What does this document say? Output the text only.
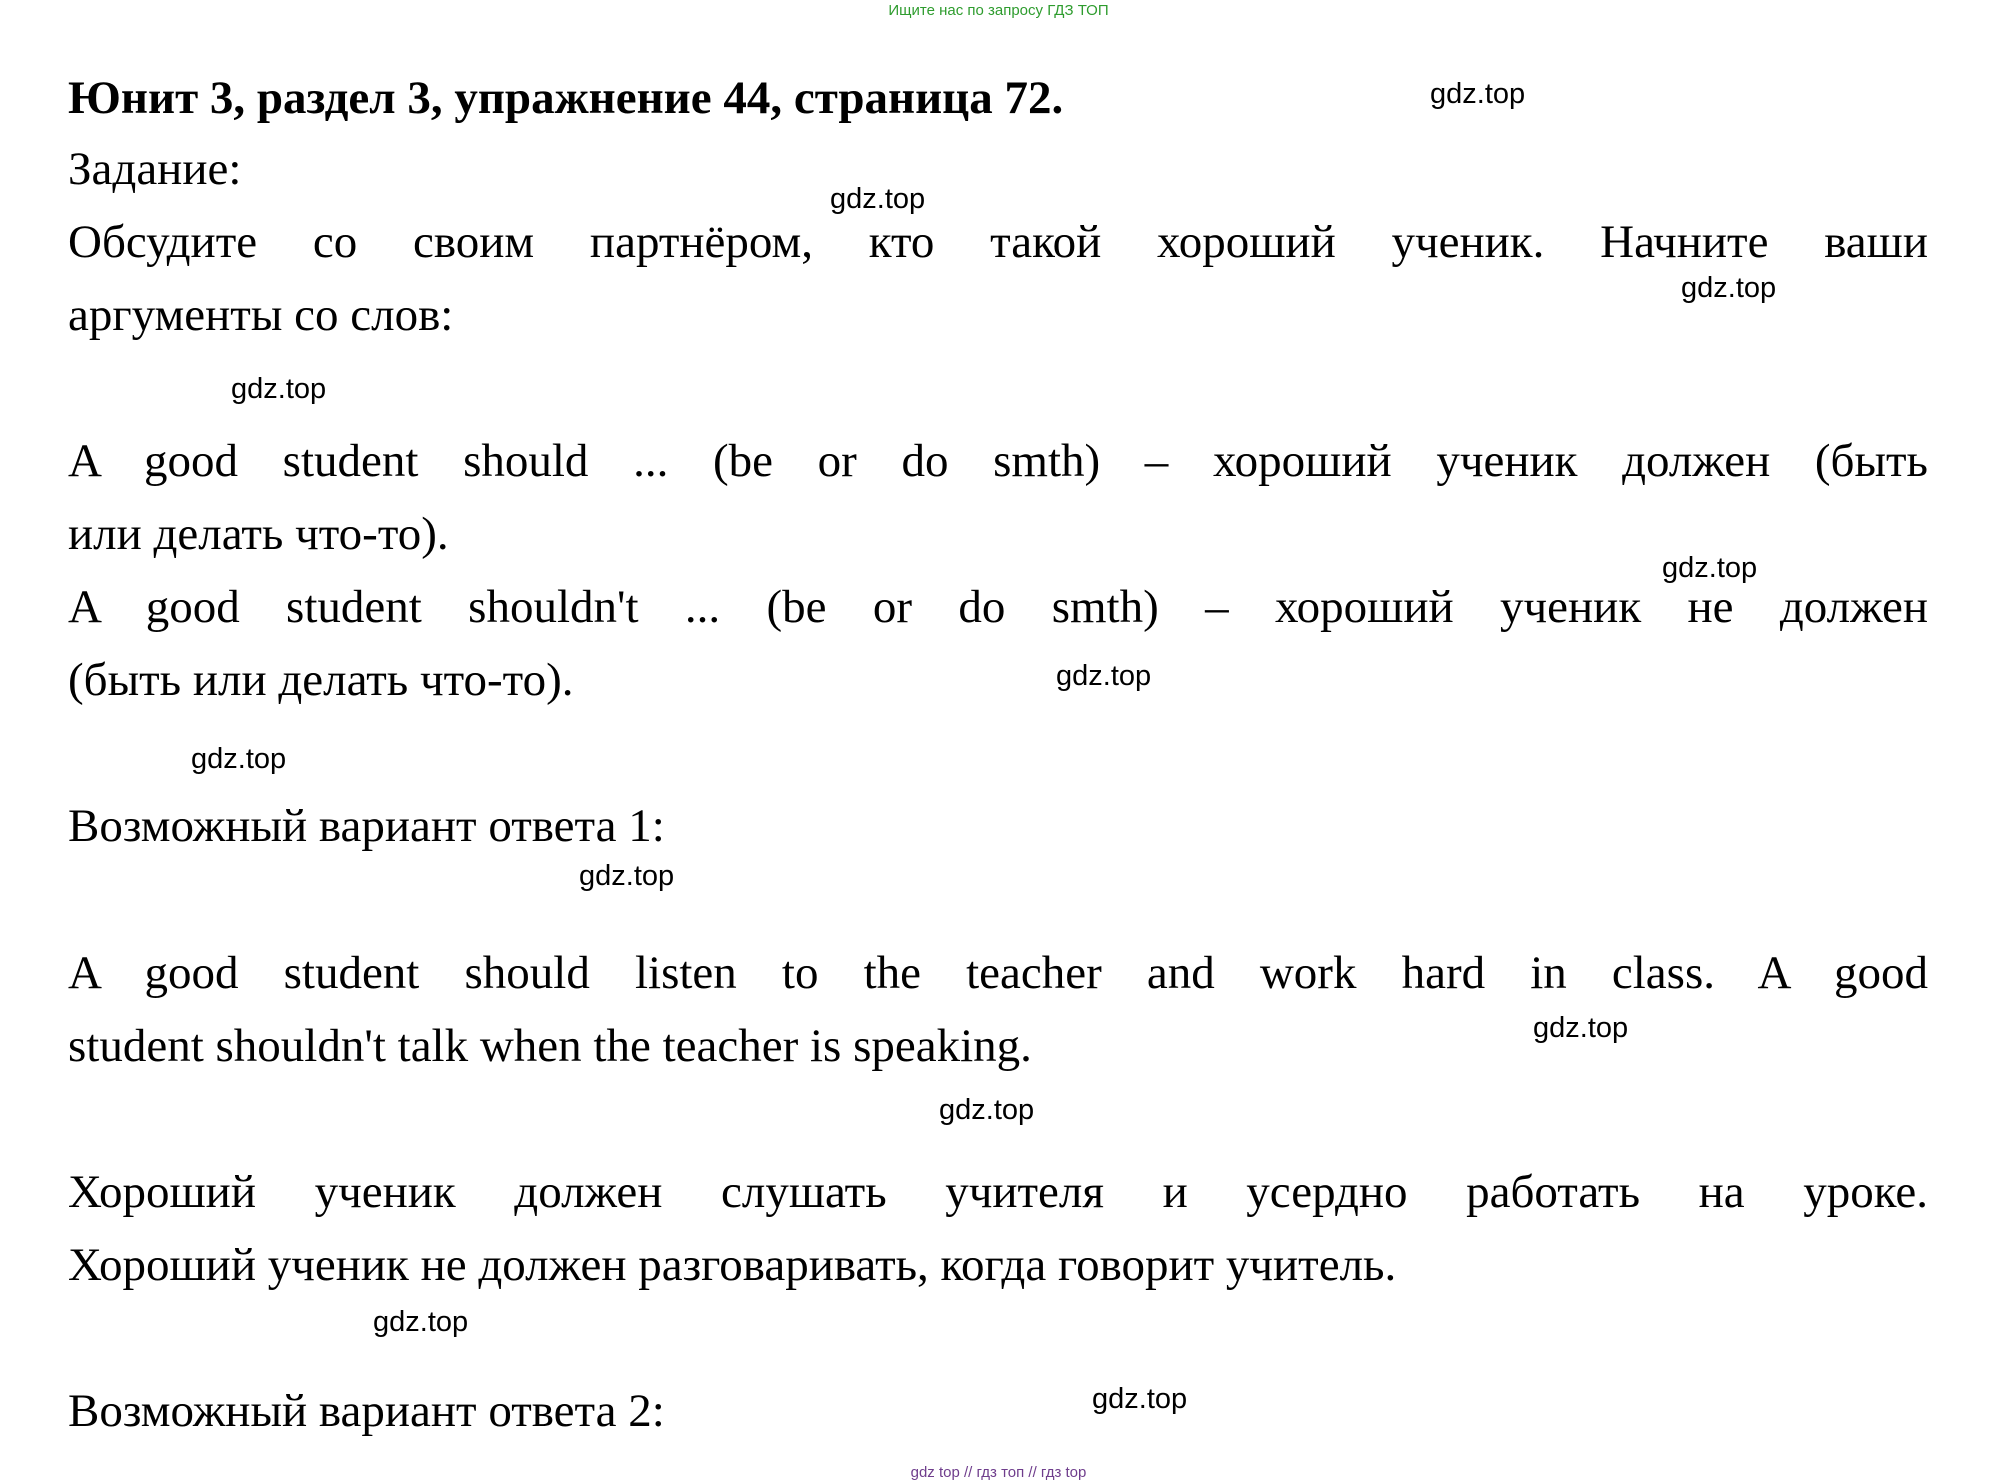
Ищите нас по запросу ГДЗ ТОП
Юнит 3, раздел 3, упражнение 44, страница 72.
Задание:
Обсудите со своим партнёром, кто такой хороший ученик. Начните ваши
аргументы со слов:
A good student should ... (be or do smth) – хороший ученик должен (быть
или делать что-то).
A good student shouldn't ... (be or do smth) – хороший ученик не должен
(быть или делать что-то).
Возможный вариант ответа 1:
A good student should listen to the teacher and work hard in class. A good
student shouldn't talk when the teacher is speaking.
Хороший ученик должен слушать учителя и усердно работать на уроке.
Хороший ученик не должен разговаривать, когда говорит учитель.
Возможный вариант ответа 2:
gdz.top
gdz.top
gdz.top
gdz.top
gdz.top
gdz.top
gdz.top
gdz.top
gdz.top
gdz.top
gdz.top
gdz.top
gdz top // гдз топ // гдз top
